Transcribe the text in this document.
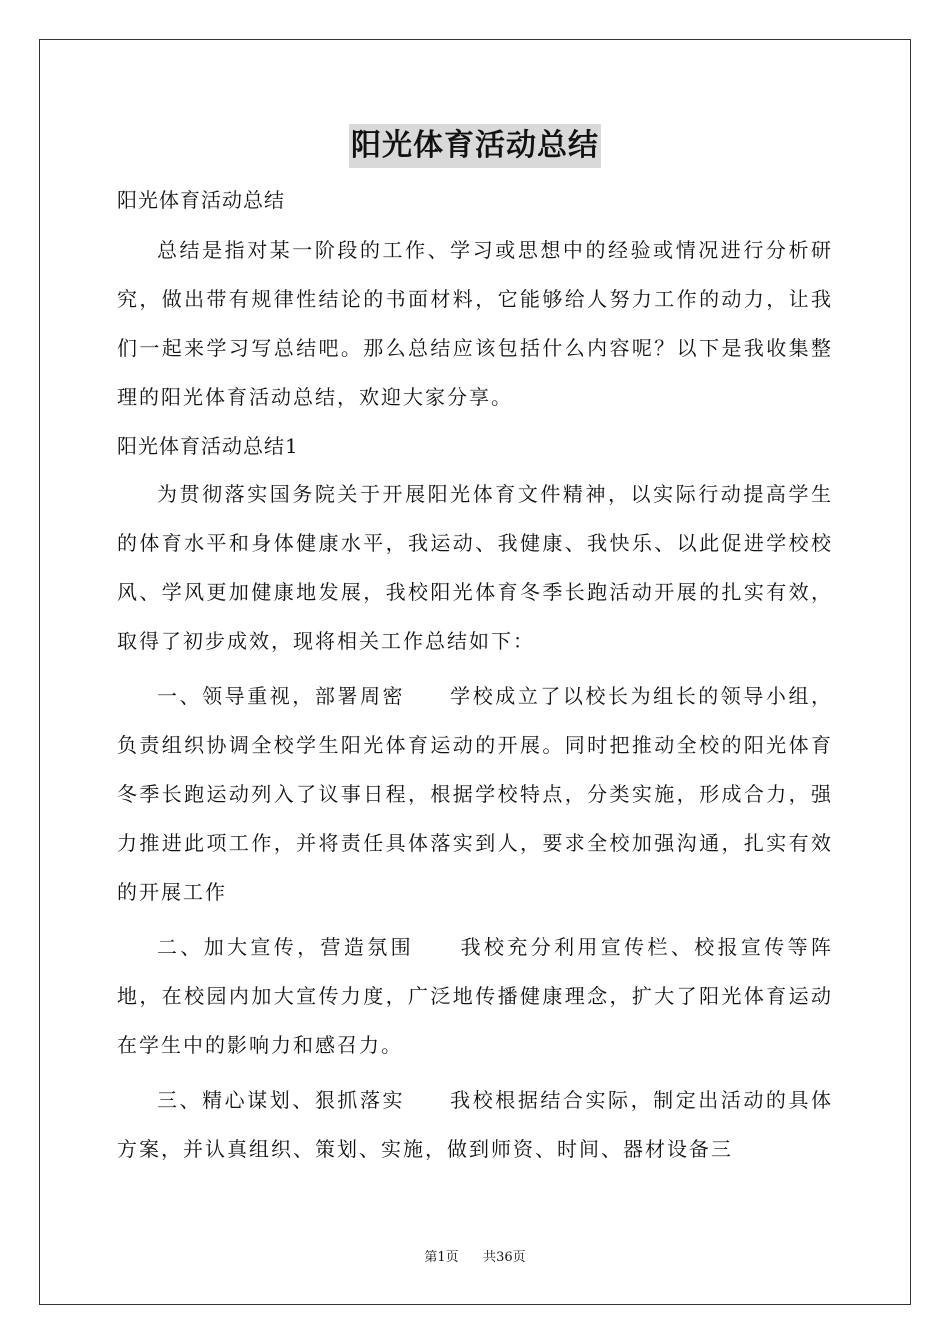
阳光体育活动总结

阳光体育活动总结

总结是指对某一阶段的工作、学习或思想中的经验或情况进行分析研究，做出带有规律性结论的书面材料，它能够给人努力工作的动力，让我们一起来学习写总结吧。那么总结应该包括什么内容呢？以下是我收集整理的阳光体育活动总结，欢迎大家分享。

阳光体育活动总结1

为贯彻落实国务院关于开展阳光体育文件精神，以实际行动提高学生的体育水平和身体健康水平，我运动、我健康、我快乐、以此促进学校校风、学风更加健康地发展，我校阳光体育冬季长跑活动开展的扎实有效，取得了初步成效，现将相关工作总结如下：

一、领导重视，部署周密　　学校成立了以校长为组长的领导小组，负责组织协调全校学生阳光体育运动的开展。同时把推动全校的阳光体育冬季长跑运动列入了议事日程，根据学校特点，分类实施，形成合力，强力推进此项工作，并将责任具体落实到人，要求全校加强沟通，扎实有效的开展工作

二、加大宣传，营造氛围　　我校充分利用宣传栏、校报宣传等阵地，在校园内加大宣传力度，广泛地传播健康理念，扩大了阳光体育运动在学生中的影响力和感召力。

三、精心谋划、狠抓落实　　我校根据结合实际，制定出活动的具体方案，并认真组织、策划、实施，做到师资、时间、器材设备三

第1页 共36页
